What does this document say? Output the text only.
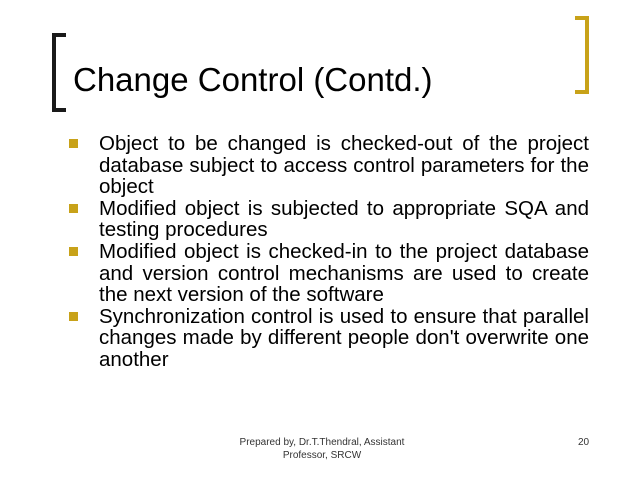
Change Control (Contd.)
Object to be changed is checked-out of the project database subject to access control parameters for the object
Modified object is subjected to appropriate SQA and testing procedures
Modified object is checked-in to the project database and version control mechanisms are used to create the next version of the software
Synchronization control is used to ensure that parallel changes made by different people don't overwrite one another
Prepared by, Dr.T.Thendral, Assistant Professor, SRCW
20
